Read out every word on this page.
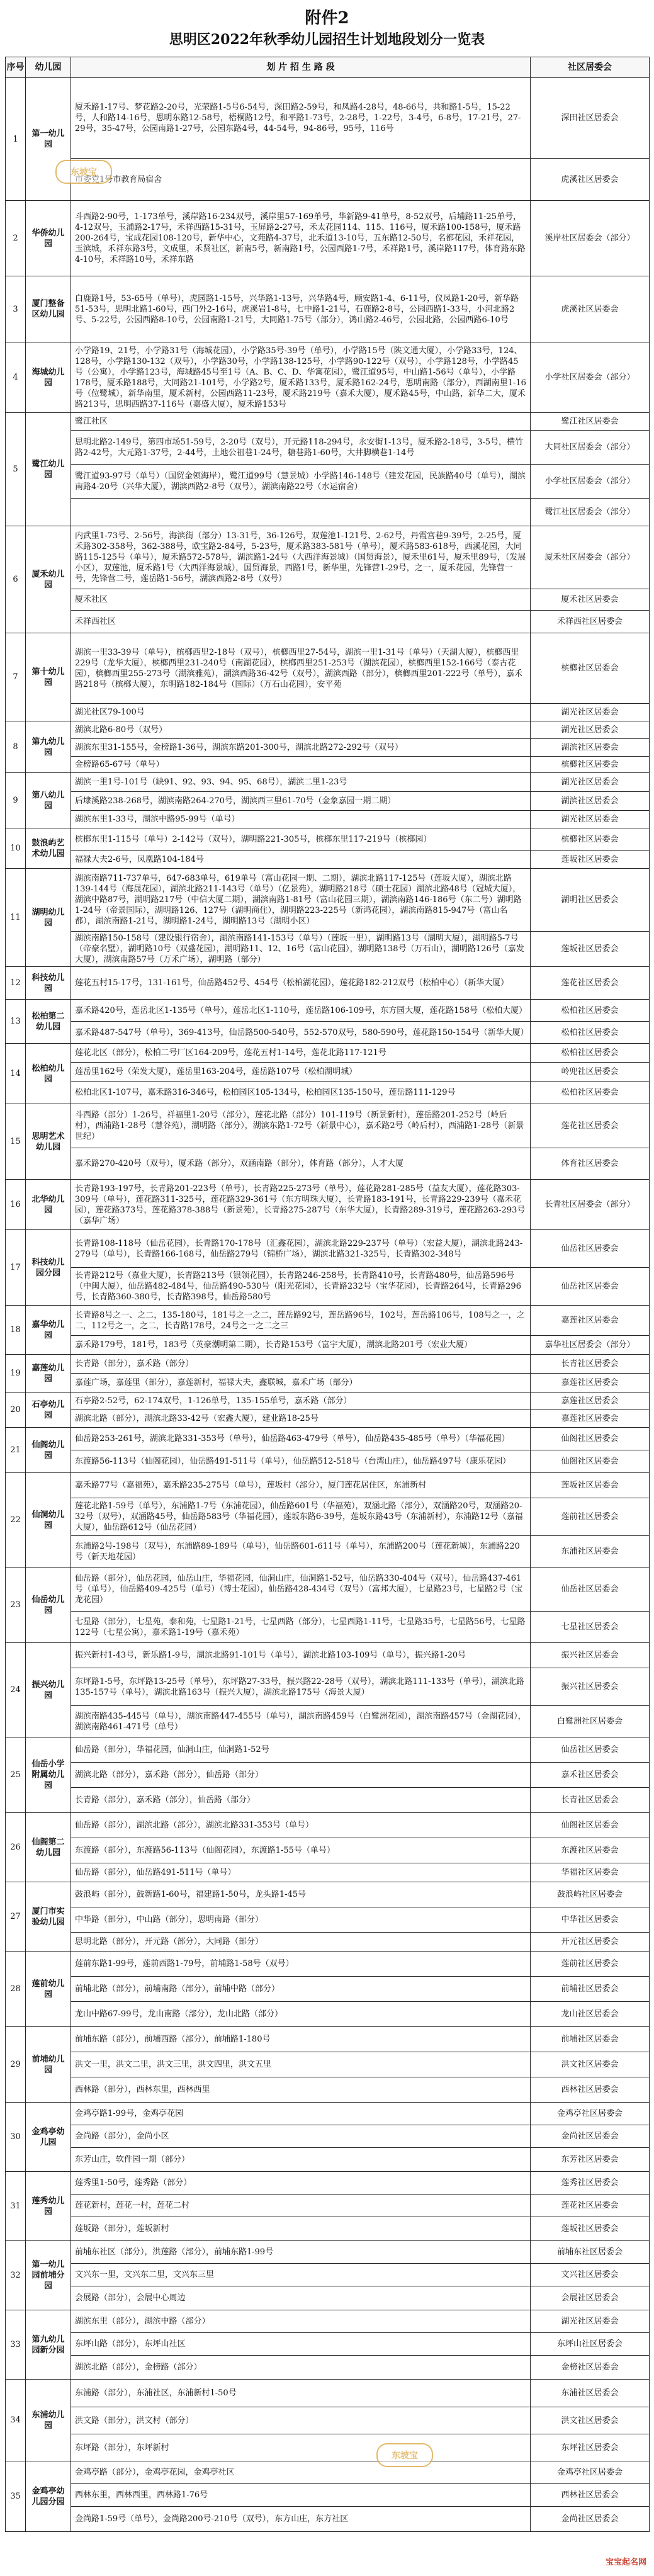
附件2
思明区2022年秋季幼儿园招生计划地段划分一览表
序号	幼儿园	划 片 招 生 路 段	社区居委会
1	第一幼儿园	厦禾路1-17号、梦花路2-20号，光荣路1-5号6-54号，深田路2-59号，和凤路4-28号，48-66号，共和路1-5号，15-22号，人和路14-16号，思明东路12-58号，梧桐路12号，和平路1-73号，2-28号，1-22号，3-4号，6-8号，17-21号，27-29号，35-47号，公园南路1-27号，公园东路4号，44-54号，94-86号，95号，116号	深田社区居委会
		市委党1号市教育局宿舍	虎溪社区居委会
2	华侨幼儿园	斗西路2-90号，1-173单号，溪岸路16-234双号，溪岸里57-169单号，华新路9-41单号，8-52双号，后埔路11-25单号，4-12双号，玉浦路2-17号，禾祥西路15-31号，玉屏路2-27号，禾太花园114、115、116号，厦禾路100-158号，厦禾路200-264号，宝成花园108-120号，新华中心，文苑路4-37号，北禾道13-10号，五东路12-50号，名都花园，禾祥花园，玉滨城，禾祥东路3号，文成里，禾贤社区，新南5号，新南路1号，公园西路1-7号，禾祥路1号，溪岸路117号，体育路东路4-10号，禾祥路10号，禾祥东路	溪岸社区居委会（部分）
3	厦门整备区幼儿园	白鹿路1号，53-65号（单号），虎园路1-15号，兴华路1-13号，兴华路4号，顾安路1-4、6-11号，仪凤路1-20号，新华路51-53号，思明北路1-60号，西门外2-16号，虎溪岩1-8号，七中路1-21号，石鹿路2-8号，公园西路1-33号，小河北路2号、5-22号，公园西路8-10号，公园南路1-21号，大同路1-75号（部分），鸿山路2-46号，公园北路，公园西路6-10号	虎溪社区居委会
4	海城幼儿园	小学路19、21号，小学路31号（海城花园），小学路35号-39号（单号），小学路15号（陕文通大厦），小学路33号，124、128号，小学路130-132（双号），小学路30号，小学路138-125号，小学路90-122号（双号），小学路128号，小学路45号（公寓），小学路123号，海城路45号至1号（A、B、C、D、华寓花园），鹭江道95号，中山路1-56号（单号），小学路178号，厦禾路188号，大同路21-101号，小学路2号，厦禾路133号，厦禾路162-24号，思明南路（部分），西湖南里1-16号（位鹭城），新华南里，厦禾新村，公园西路11-23号，厦禾路219号（嘉禾大厦），厦禾路45号，中山路，新华二大，厦禾路213号，思明西路37-116号（嘉盛大厦），厦禾路153号	小学社区居委会（部分）
5	鹭江幼儿园	鹭江社区	鹭江社区居委会
		思明北路2-149号，第四市场51-59号，2-20号（双号），开元路118-294号，永安街1-13号，厦禾路2-18号，3-5号，横竹路2-42号，大元路1-37号，2-44号，土地公祖巷1-24号，糖巷路1-60号，大井脚横巷1-14号	大同社区居委会（部分）
		鹭江道93-97号（单号）（国贸金领海岸），鹭江道99号（慧景城）小学路146-148号（建发花园，民族路40号（单号），湖滨南路4-20号（兴华大厦），湖滨西路2-8号（双号），湖滨南路22号（水运宿舍）	小学社区居委会（部分）
			鹭江社区居委会（部分）
6	厦禾幼儿园	内武里1-73号、2-56号，海滨街（部分）13-31号，36-126号，双莲池1-121号、2-62号，丹霞宫巷9-39号，2-25号，厦禾路302-358号，362-388号，欧宝路2-84号，5-23号，厦禾路383-581号（单号），厦禾路583-618号，西溪花园，大同路115-125号（单号），厦禾路572-578号，湖滨路1-24号（大西洋海景城）（国贸海景），厦禾里61号，厦禾里89号，（发展小区），双莲池，厦禾路1号（大西洋海景城），国贸海景，西路1号，新华里，先锋营1-29号，之一，厦禾花园，先锋营一号，先锋营二号，莲岳路1-56号，湖滨西路2-8号（双号）	厦禾社区居委会（部分）
		厦禾社区	厦禾社区居委会
		禾祥西社区	禾祥西社区居委会
7	第十幼儿园	湖滨一里33-39号（单号），槟榔西里2-18号（双号），槟榔西里27-54号，湖滨一里1-31号（单号）（天湖大厦），槟榔西里229号（龙华大厦），槟榔西里231-240号（南湖花园），槟榔西里251-253号（湖滨花园），槟榔西里152-166号（泰古花园），槟榔西里255-273号（湖滨雅苑），湖滨西路36-42号（双号），湖滨西路（部分），槟榔西里201-222号（单号），嘉禾路218号（槟榔大厦），东明路182-184号（国际）（万石山花园），安平苑	槟榔社区居委会
		湖光社区79-100号	湖光社区居委会
8	第九幼儿园	湖滨北路6-80号（双号）	湖光社区居委会
		湖滨东里31-155号，金榜路1-36号，湖滨东路201-300号，湖滨北路272-292号（双号）	湖滨社区居委会
		金榜路65-67号（单号）	槟榔社区居委会
9	第八幼儿园	湖滨一里1号-101号（缺91、92、93、94、95、68号），湖滨二里1-23号	湖光社区居委会
		后埭溪路238-268号，湖滨南路264-270号，湖滨西三里61-70号（金象嘉园一期二期）	湖滨社区居委会
		湖滨东里1-33号，湖滨中路95-99号（单号）	湖光社区居委会
10	鼓浪屿艺术幼儿园	槟榔东里1-115号（单号）2-142号（双号），湖明路221-305号，槟榔东里117-219号（槟榔园）	槟榔社区居委会
		福禄大夫2-6号，凤凰路104-184号	莲坂社区居委会
11	湖明幼儿园	湖滨南路711-737单号，647-683单号，619单号（富山花园一期、二期），湖滨北路117-125号（莲坂大厦），湖滨北路139-144号（海晟花园），湖滨北路211-143号（单号）（亿景苑），湖明路218号（硕士花园）湖滨北路48号（冠城大厦），湖滨中路87号，湖明路217号（中信大厦二期），湖滨南路1-81号（富山花园三期），湖滨南路146-186号（东二号）湖明路1-24号（帝景国际），湖明路126、127号（湖明商住），湖明路223-225号（新鸿花园），湖滨南路815-947号（富山名都），湖滨南路1-21号，湖明路1-24号，湖明路13号（湖明小区）	湖明社区居委会
		湖滨南路150-158号（建设银行宿舍），湖滨南路141-153号（单号）（莲坂一里），湖明路13号（湖明大厦），湖明路5-7号（帝豪名墅），湖明路10号（双盛花园），湖明路11、12、16号（富山花园），湖明路138号（万石山），湖明路126号（嘉发大厦），湖滨南路57号（万禾广场），湖明路（部分）	莲坂社区居委会
12	科技幼儿园	莲花五村15-17号，131-161号，仙岳路452号、454号（松柏湖花园），莲花路182-212双号（松柏中心）（新华大厦）	莲花社区居委会
13	松柏第二幼儿园	嘉禾路420号，莲岳北区1-135号（单号），莲岳北区1-110号，莲岳路106-109号，东方园大厦，莲花路158号（松柏大厦）	松柏社区居委会
		嘉禾路487-547号（单号），369-413号，仙岳路500-540号，552-570双号，580-590号，莲花路150-154号（新华大厦）	松柏社区居委会
14	松柏幼儿园	莲花北区（部分），松柏二号厂区164-209号，莲花五村1-14号，莲花北路117-121号	松柏社区居委会
		莲岳里162号（荣发大厦），莲岳里163-204号，莲岳路107号（松柏湖明城）	岭兜社区居委会
		松柏北区1-107号，嘉禾路316-346号，松柏园区105-134号，松柏园区135-150号，莲岳路111-129号	松柏社区居委会
15	思明艺术幼儿园	斗西路（部分）1-26号，祥福里1-20号（部分），莲花北路（部分）101-119号（新景新村），莲岳路201-252号（岭后村），西浦路1-28号（慧谷苑），湖明路（部分），湖滨东路1-72号（新景中心），嘉禾路2号（岭后村），西浦路1-28号（新景世纪）	莲花社区居委会
		嘉禾路270-420号（双号），厦禾路（部分），双涵南路（部分），体育路（部分），人才大厦	体育社区居委会
16	北华幼儿园	长青路193-197号，长青路201-223号（单号），长青路225-273号（单号），莲花路281-285号（益友大厦），莲花路303-309号（单号），莲花路311-325号，莲花路329-361号（东方明珠大厦），长青路183-191号，长青路229-239号（嘉禾花园），莲花路373号，莲花路378-388号（新景苑），长青路275-287号（东华大厦），长青路289-319号，莲花路263-293号（嘉华广场）	长青社区居委会（部分）
17	科技幼儿园分园	长青路108-118号（仙岳花园），长青路170-178号（汇鑫花园），湖滨北路229-237号（单号）（宏益大厦），湖滨北路243-279号（单号），长青路166-168号，仙岳路279号（锦桥广场），湖滨北路321-325号，长青路302-348号	仙岳社区居委会
		长青路212号（嘉业大厦），长青路213号（银领花园），长青路246-258号，长青路410号，长青路480号，仙岳路596号（中闽大厦），仙岳路482-484号，仙岳路490-530号（阳光花园），长青路232号（宝华花园），长青路264号，长青路296号，长青路360-380号，长青路398号，仙岳路580号	仙岳社区居委会
18	嘉华幼儿园	长青路8号之一、之二，135-180号，181号之一之二，莲岳路92号，莲岳路96号，102号，莲岳路106号，108号之一，之二，112号之一，之二，长青路178号，24号之一之二之三	嘉莲社区居委会
		嘉禾路179号，181号，183号（英豪潮明第二期），长青路153号（富宇大厦），湖滨北路201号（宏业大厦）	嘉华社区居委会（部分）
19	嘉莲幼儿园	长青路（部分），嘉禾路（部分）	长青社区居委会
		嘉莲广场，嘉莲里（部分），嘉莲新村，福禄大夫，鑫联城，嘉禾广场（部分）	嘉莲社区居委会
20	石亭幼儿园	石亭路2-52号，62-174双号，1-126单号，135-155单号，嘉禾路（部分）	嘉莲社区居委会
		湖滨北路（部分），湖滨北路33-42号（宏鑫大厦），建业路18-25号	嘉莲社区居委会
21	仙阁幼儿园	仙岳路253-261号，湖滨北路331-353号（单号），仙岳路463-479号（单号），仙岳路435-485号（单号）（华福花园）	仙阁社区居委会
		东渡路56-113号（仙阁花园），仙岳路491-511号（单号），仙岳路512-518号（台湾山庄），仙岳路497号（康乐花园）	仙阁社区居委会
22	仙洞幼儿园	嘉禾路77号（嘉福苑），嘉禾路235-275号（单号），莲坂村（部分），厦门莲花居住区，东浦新村	莲坂社区居委会
		莲花北路1-59号（单号），东浦路1-7号（东浦花园），仙岳路601号（华福苑），双涵北路（部分），双涵路20号，双涵路20-32号（双号），双涵路45号，仙岳路583号（华福花园），莲坂东路6-39号，莲坂东路43号（东浦新村），东浦路12号（嘉福大厦），仙岳路612号（仙岳花园）	莲前社区居委会
		东浦路2号-198号（双号），东浦路89-189号（单号），仙岳路601-611号（单号），东浦路200号（莲花新城），东浦路220号（新天地花园）	东浦社区居委会
23	仙岳幼儿园	仙岳路（部分），仙岳花园，仙岳山庄，华福花园，仙洞山庄，仙洞路1-52号，仙岳路330-404号（双号），仙岳路437-461号（单号），仙岳路409-425号（单号）（博士花园），仙岳路428-434号（双号）（富邦大厦），七星路23号，七星路2号（宝龙花园）	仙岳社区居委会
		七星路（部分），七星苑，泰和苑，七星路1-21号，七星西路（部分），七星西路1-11号，七星路35号，七星路56号，七星路122号（七星公寓），嘉禾路1-19号（嘉禾苑）	七星社区居委会
24	振兴幼儿园	振兴新村1-43号，新乐路1-9号，湖滨北路91-101号（单号），湖滨北路103-109号（单号），振兴路1-20号	振兴社区居委会
		东坪路1-5号，东坪路13-25号（单号），东坪路27-33号，振兴路22-28号（双号），湖滨北路111-133号（单号），湖滨北路135-157号（单号），湖滨北路163号（振兴大厦），湖滨北路175号（海景大厦）	振兴社区居委会
		湖滨南路435-445号（单号），湖滨南路447-455号（单号），湖滨南路459号（白鹭洲花园），湖滨南路457号（金湖花园），湖滨南路461-471号（单号）	白鹭洲社区居委会
25	仙岳小学附属幼儿园	仙岳路（部分），华福花园，仙洞山庄，仙洞路1-52号	仙岳社区居委会
		湖滨北路（部分），嘉禾路（部分），仙岳路（部分）	嘉禾社区居委会
		长青路（部分），嘉禾路（部分），仙岳路（部分）	长青社区居委会
26	仙阁第二幼儿园	仙岳路（部分），湖滨北路（部分），湖滨北路331-353号（单号）	仙阁社区居委会
		东渡路（部分），东渡路56-113号（仙阁花园），东渡路1-55号（单号）	东渡社区居委会
		仙岳路（部分），仙岳路491-511号（单号）	华福社区居委会
27	厦门市实验幼儿园	鼓浪屿（部分），鼓新路1-60号，福建路1-50号，龙头路1-45号	鼓浪屿社区居委会
		中华路（部分），中山路（部分），思明南路（部分）	中华社区居委会
		思明北路（部分），开元路（部分），大同路（部分）	开元社区居委会
28	莲前幼儿园	莲前东路1-99号，莲前西路1-79号，前埔路1-58号（双号）	莲前社区居委会
		前埔北路（部分），前埔南路（部分），前埔中路（部分）	前埔社区居委会
		龙山中路67-99号，龙山南路（部分），龙山北路（部分）	龙山社区居委会
29	前埔幼儿园	前埔东路（部分），前埔西路（部分），前埔路1-180号	前埔社区居委会
		洪文一里，洪文二里，洪文三里，洪文四里，洪文五里	洪文社区居委会
		西林路（部分），西林东里，西林西里	西林社区居委会
30	金鸡亭幼儿园	金鸡亭路1-99号，金鸡亭花园	金鸡亭社区居委会
		金尚路（部分），金尚小区	金尚社区居委会
		东芳山庄，软件园一期（部分）	东芳社区居委会
31	莲秀幼儿园	莲秀里1-50号，莲秀路（部分）	莲秀社区居委会
		莲花新村，莲花一村，莲花二村	莲花社区居委会
		莲坂路（部分），莲坂新村	莲坂社区居委会
32	第一幼儿园前埔分园	前埔东社区（部分），洪莲路（部分），前埔东路1-99号	前埔东社区居委会
		文兴东一里，文兴东二里，文兴东三里	文兴社区居委会
		会展路（部分），会展中心周边	会展社区居委会
33	第九幼儿园新分园	湖滨东里（部分），湖滨中路（部分）	湖光社区居委会
		东坪山路（部分），东坪山社区	东坪山社区居委会
		湖滨北路（部分），金榜路（部分）	金榜社区居委会
34	东浦幼儿园	东浦路（部分），东浦社区，东浦新村1-50号	东浦社区居委会
		洪文路（部分），洪文村（部分）	洪文社区居委会
		东坪路（部分），东坪新村	东坪社区居委会
35	金鸡亭幼儿园分园	金鸡亭路（部分），金鸡亭花园，金鸡亭社区	金鸡亭社区居委会
		西林东里，西林西里，西林路1-76号	西林社区居委会
		金尚路1-59号（单号），金尚路200号-210号（双号），东方山庄，东方社区	金尚社区居委会
东坡宝
东坡宝
宝宝起名网
